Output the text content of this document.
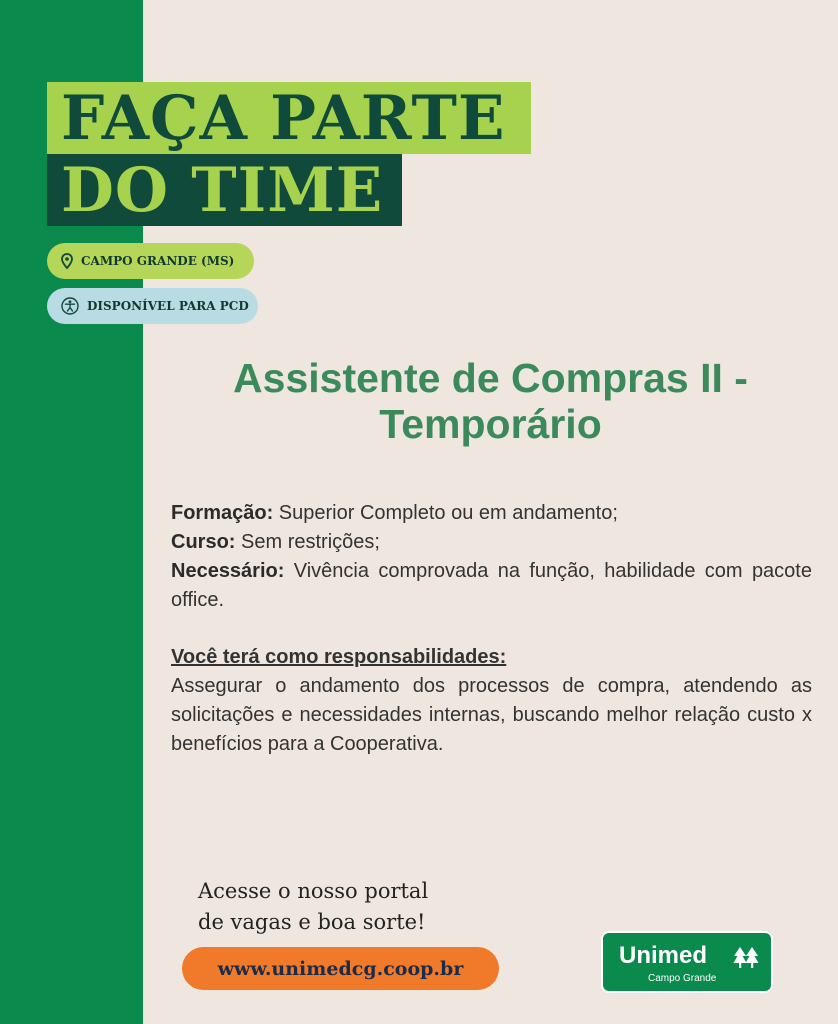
FAÇA PARTE
DO TIME
CAMPO GRANDE (MS)
DISPONÍVEL PARA PCD
Assistente de Compras II -
Temporário

Formação: Superior Completo ou em andamento;

Curso: Sem restrições;

Necessário: Vivência comprovada na função, habilidade com pacote office.

Você terá como responsabilidades:

Assegurar o andamento dos processos de compra, atendendo as solicitações e necessidades internas, buscando melhor relação custo x benefícios para a Cooperativa.

Acesse o nosso portal

de vagas e boa sorte!

www.unimedcg.coop.br	Unimed
Campo Grande
